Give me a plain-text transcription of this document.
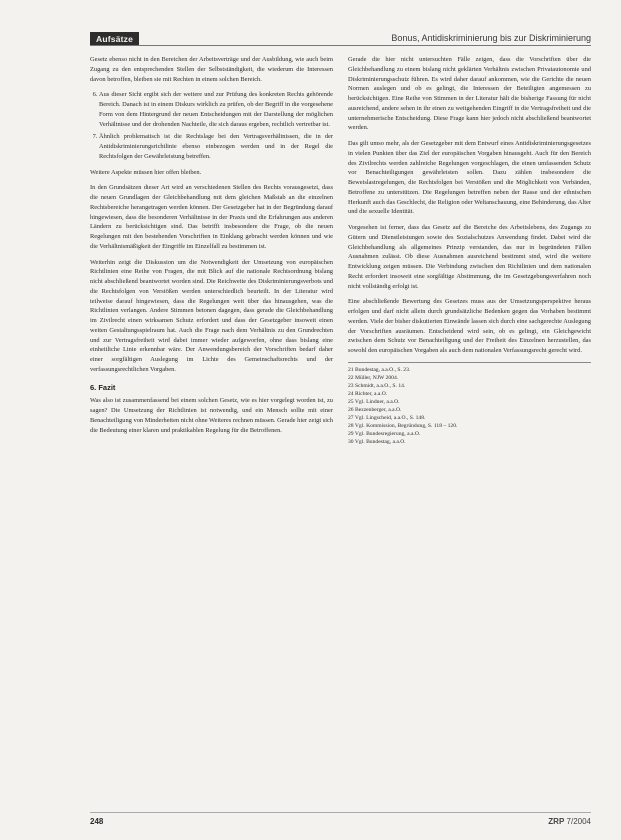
Aufsätze	Bonus, Antidiskriminierung bis zur Diskriminierung

Gesetz ebenso nicht in den Bereichen der Arbeitsverträge und der Ausbildung, wie auch beim Zugang zu den entsprechenden Stellen der Selbstständigkeit, die wiederum die Interessen davon betroffen, bleiben sie mit Rechten in einem solchen Bereich.

6. Aus dieser Sicht ergibt sich der weitere und zur Prüfung des konkreten Rechts gehörende Bereich. Danach ist in einem Diskurs wirklich zu prüfen, ob der Begriff in die vorgesehene Form von dem Hintergrund der neuen Entscheidungen mit der Darstellung der möglichen Verhältnisse und der drohenden Nachteile, die sich daraus ergeben, rechtlich vertretbar ist.
7. Ähnlich problematisch ist die Rechtslage bei den Vertragsverhältnissen, die in der Antidiskriminierungsrichtlinie ebenso einbezogen werden und in der Regel die Rechtsfolgen der Gewährleistung betreffen.

Weitere Aspekte müssen hier offen bleiben.

In den Grundsätzen dieser Art wird an verschiedenen Stellen des Rechts vorausgesetzt, dass die neuen Grundlagen der Gleichbehandlung mit dem gleichen Maßstab an die einzelnen Rechtsbereiche herangetragen werden können. Der Gesetzgeber hat in der Begründung darauf hingewiesen, dass die besonderen Verhältnisse in der Praxis und die Erfahrungen aus anderen Ländern zu berücksichtigen sind. Das betrifft insbesondere die Frage, ob die neuen Regelungen mit den bestehenden Vorschriften in Einklang gebracht werden können und wie die Verhältnismäßigkeit der Eingriffe im Einzelfall zu bestimmen ist.

Weiterhin zeigt die Diskussion um die Notwendigkeit der Umsetzung von europäischen Richtlinien eine Reihe von Fragen, die mit Blick auf die nationale Rechtsordnung bislang nicht abschließend beantwortet worden sind. Die Reichweite des Diskriminierungsverbots und die Rechtsfolgen von Verstößen werden unterschiedlich beurteilt. In der Literatur wird teilweise darauf hingewiesen, dass die Regelungen weit über das hinausgehen, was die Richtlinien verlangen. Andere Stimmen betonen dagegen, dass gerade die Gleichbehandlung im Zivilrecht einen wirksamen Schutz erfordert und dass der Gesetzgeber insoweit einen weiten Gestaltungsspielraum hat. Auch die Frage nach dem Verhältnis zu den Grundrechten und zur Vertragsfreiheit wird dabei immer wieder aufgeworfen, ohne dass bislang eine einheitliche Linie erkennbar wäre. Der Anwendungsbereich der Vorschriften bedarf daher einer sorgfältigen Auslegung im Lichte des Gemeinschaftsrechts und der verfassungsrechtlichen Vorgaben.

6. Fazit

Was also ist zusammenfassend bei einem solchen Gesetz, wie es hier vorgelegt worden ist, zu sagen? Die Umsetzung der Richtlinien ist notwendig, und ein Mensch sollte mit einer Benachteiligung von Minderheiten nicht ohne Weiteres rechnen müssen. Gerade hier zeigt sich die Bedeutung einer klaren und praktikablen Regelung für die Betroffenen.

Gerade die hier nicht untersuchten Fälle zeigen, dass die Vorschriften über die Gleichbehandlung zu einem bislang nicht geklärten Verhältnis zwischen Privatautonomie und Diskriminierungsschutz führen. Es wird daher darauf ankommen, wie die Gerichte die neuen Normen auslegen und ob es gelingt, die Interessen der Beteiligten angemessen zu berücksichtigen. Eine Reihe von Stimmen in der Literatur hält die bisherige Fassung für nicht ausreichend, andere sehen in ihr einen zu weitgehenden Eingriff in die Vertragsfreiheit und die unternehmerische Entscheidung. Diese Frage kann hier jedoch nicht abschließend beantwortet werden.

Das gilt umso mehr, als der Gesetzgeber mit dem Entwurf eines Antidiskriminierungsgesetzes in vielen Punkten über das Ziel der europäischen Vorgaben hinausgeht. Auch für den Bereich des Zivilrechts werden zahlreiche Regelungen vorgeschlagen, die einen umfassenden Schutz vor Benachteiligungen gewährleisten sollen. Dazu zählen insbesondere die Beweislastregelungen, die Rechtsfolgen bei Verstößen und die Möglichkeit von Verbänden, Betroffene zu unterstützen. Die Regelungen betreffen neben der Rasse und der ethnischen Herkunft auch das Geschlecht, die Religion oder Weltanschauung, eine Behinderung, das Alter und die sexuelle Identität.

Vorgesehen ist ferner, dass das Gesetz auf die Bereiche des Arbeitslebens, des Zugangs zu Gütern und Dienstleistungen sowie des Sozialschutzes Anwendung findet. Dabei wird die Gleichbehandlung als allgemeines Prinzip verstanden, das nur in begründeten Fällen Ausnahmen zulässt. Ob diese Ausnahmen ausreichend bestimmt sind, wird die weitere Entwicklung zeigen müssen. Die Verbindung zwischen den Richtlinien und dem nationalen Recht erfordert insoweit eine sorgfältige Abstimmung, die im Gesetzgebungsverfahren noch nicht vollständig erfolgt ist.

Eine abschließende Bewertung des Gesetzes muss aus der Umsetzungsperspektive heraus erfolgen und darf nicht allein durch grundsätzliche Bedenken gegen das Vorhaben bestimmt werden. Viele der bisher diskutierten Einwände lassen sich durch eine sachgerechte Auslegung der Vorschriften ausräumen. Entscheidend wird sein, ob es gelingt, ein Gleichgewicht zwischen dem Schutz vor Benachteiligung und der Freiheit des Einzelnen herzustellen, das sowohl den europäischen Vorgaben als auch dem nationalen Verfassungsrecht gerecht wird.

21 Bundestag, a.a.O., S. 23.
22 Müller, NJW 2004.
23 Schmidt, a.a.O., S. 14.
24 Richter, a.a.O.
25 Vgl. Lindner, a.a.O.
26 Bezzenberger, a.a.O.
27 Vgl. Lingscheid, a.a.O., S. 148.
28 Vgl. Kommission, Begründung, S. 118 – 120.
29 Vgl. Bundesregierung, a.a.O.
30 Vgl. Bundestag, a.a.O.
248	ZRP 7/2004
